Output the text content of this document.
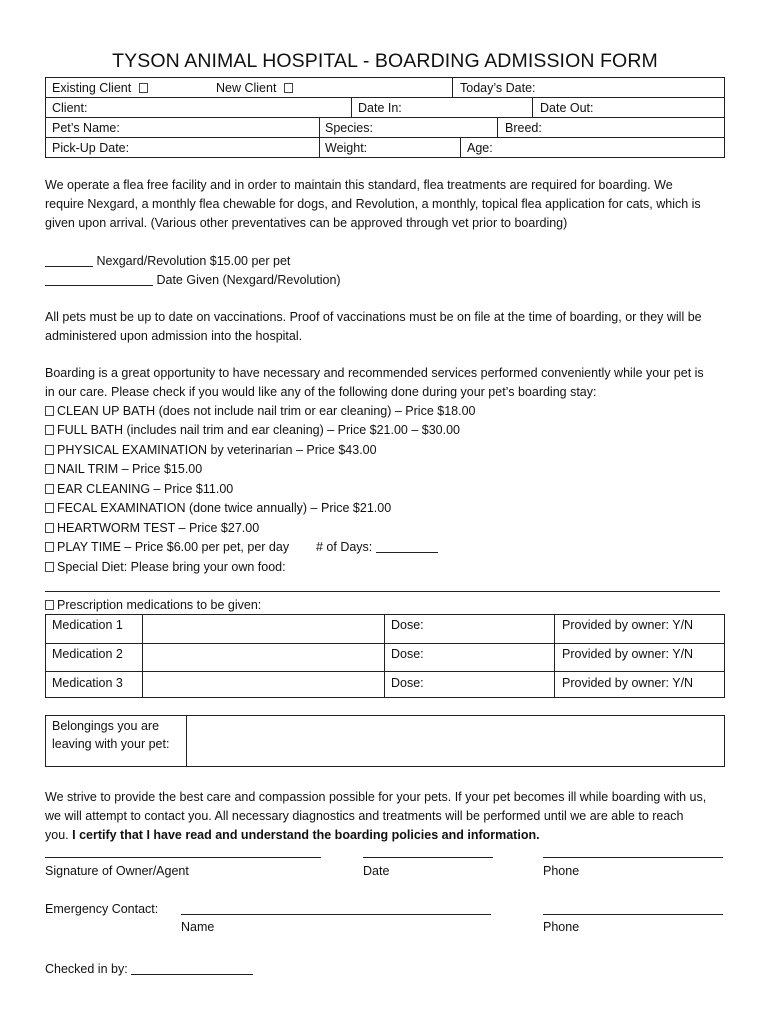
TYSON ANIMAL HOSPITAL - BOARDING ADMISSION FORM
Existing Client	New Client	Today’s Date:
Client:	Date In:	Date Out:
Pet’s Name:	Species:	Breed:
Pick-Up Date:	Weight:	Age:
We operate a flea free facility and in order to maintain this standard, flea treatments are required for boarding. We
require Nexgard, a monthly flea chewable for dogs, and Revolution, a monthly, topical flea application for cats, which is
given upon arrival. (Various other preventatives can be approved through vet prior to boarding)
Nexgard/Revolution $15.00 per pet
Date Given (Nexgard/Revolution)
All pets must be up to date on vaccinations. Proof of vaccinations must be on file at the time of boarding, or they will be
administered upon admission into the hospital.
Boarding is a great opportunity to have necessary and recommended services performed conveniently while your pet is
in our care. Please check if you would like any of the following done during your pet’s boarding stay:
CLEAN UP BATH (does not include nail trim or ear cleaning) – Price $18.00
FULL BATH (includes nail trim and ear cleaning) – Price $21.00 – $30.00
PHYSICAL EXAMINATION by veterinarian – Price $43.00
NAIL TRIM – Price $15.00
EAR CLEANING – Price $11.00
FECAL EXAMINATION (done twice annually) – Price $21.00
HEARTWORM TEST – Price $27.00
PLAY TIME – Price $6.00 per pet, per day # of Days:
Special Diet: Please bring your own food:
Prescription medications to be given:
Medication 1	Dose:	Provided by owner: Y/N
Medication 2	Dose:	Provided by owner: Y/N
Medication 3	Dose:	Provided by owner: Y/N
Belongings you are
leaving with your pet:
We strive to provide the best care and compassion possible for your pets. If your pet becomes ill while boarding with us,
we will attempt to contact you. All necessary diagnostics and treatments will be performed until we are able to reach
you. I certify that I have read and understand the boarding policies and information.
Signature of Owner/Agent	Date	Phone
Emergency Contact:
Name	Phone
Checked in by:
